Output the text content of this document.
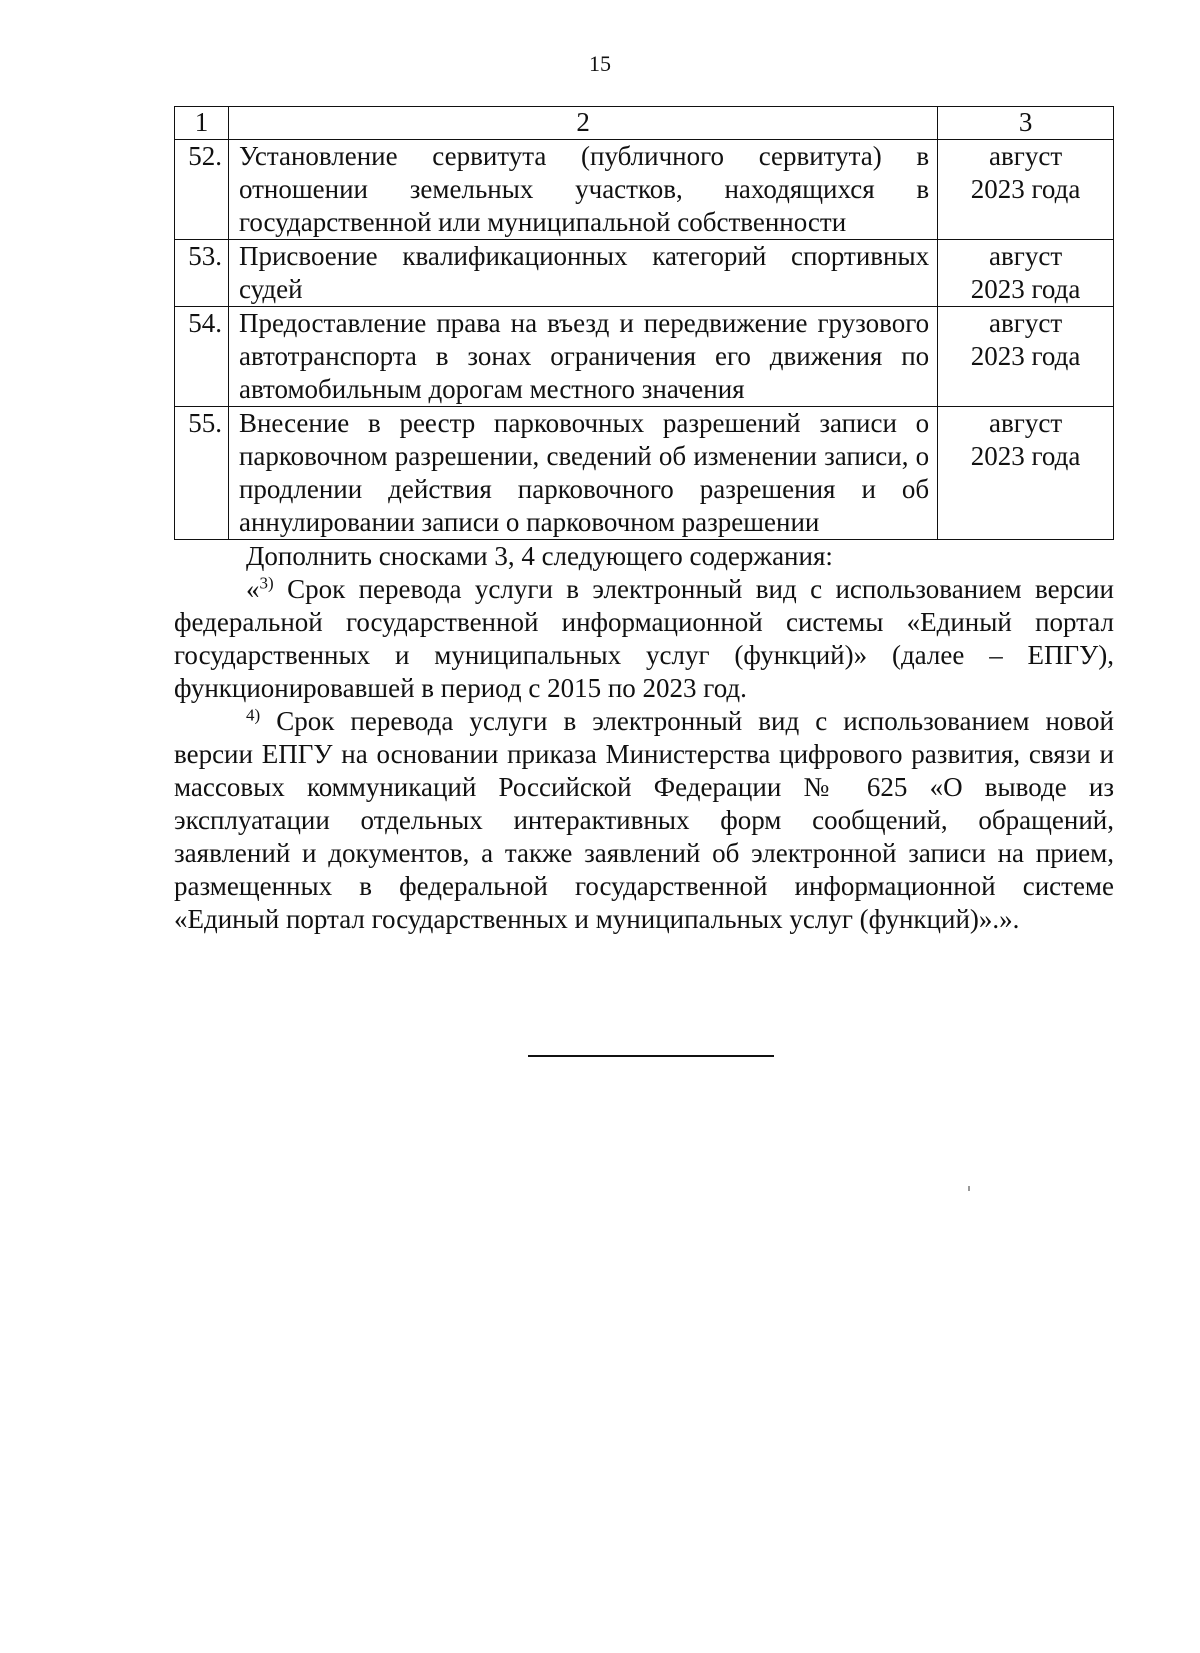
15
1	2	3
52.	Установление сервитута (публичного сервитута) в отношении земельных участков, находящихся в государственной или муниципальной собственности	август
2023 года

53.	Присвоение квалификационных категорий спортивных судей	август
2023 года

54.	Предоставление права на въезд и передвижение грузового автотранспорта в зонах ограничения его движения по автомобильным дорогам местного значения	август
2023 года

55.	Внесение в реестр парковочных разрешений записи о парковочном разрешении, сведений об изменении записи, о продлении действия парковочного разрешения и об аннулировании записи о парковочном разрешении	август
2023 года
Дополнить сносками 3, 4 следующего содержания:
«$^{3)}$ Срок перевода услуги в электронный вид с использованием версии федеральной государственной информационной системы «Единый портал государственных и муниципальных услуг (функций)» (далее – ЕПГУ), функционировавшей в период с 2015 по 2023 год.
$^{4)}$ Срок перевода услуги в электронный вид с использованием новой версии ЕПГУ на основании приказа Министерства цифрового развития, связи и массовых коммуникаций Российской Федерации № 625 «О выводе из эксплуатации отдельных интерактивных форм сообщений, обращений, заявлений и документов, а также заявлений об электронной записи на прием, размещенных в федеральной государственной информационной системе «Единый портал государственных и муниципальных услуг (функций)».».
